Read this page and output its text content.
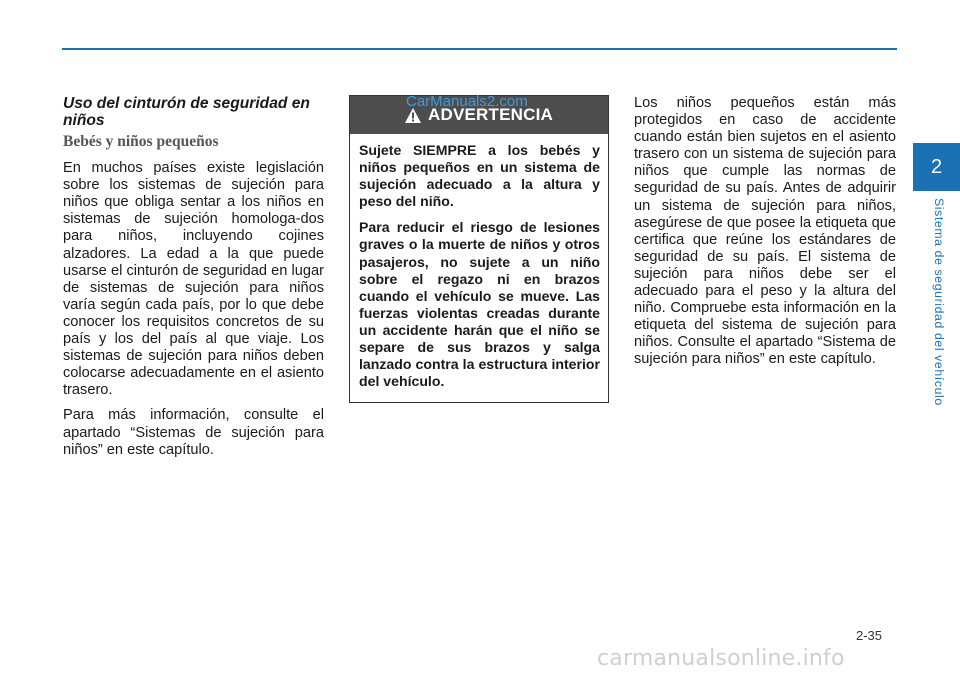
Uso del cinturón de seguridad en niños
Bebés y niños pequeños

En muchos países existe legislación sobre los sistemas de sujeción para niños que obliga sentar a los niños en sistemas de sujeción homologa-dos para niños, incluyendo cojines alzadores. La edad a la que puede usarse el cinturón de seguridad en lugar de sistemas de sujeción para niños varía según cada país, por lo que debe conocer los requisitos concretos de su país y los del país al que viaje. Los sistemas de sujeción para niños deben colocarse adecuadamente en el asiento trasero.

Para más información, consulte el apartado “Sistemas de sujeción para niños” en este capítulo.

CarManuals2.com
ADVERTENCIA

Sujete SIEMPRE a los bebés y niños pequeños en un sistema de sujeción adecuado a la altura y peso del niño.

Para reducir el riesgo de lesiones graves o la muerte de niños y otros pasajeros, no sujete a un niño sobre el regazo ni en brazos cuando el vehículo se mueve. Las fuerzas violentas creadas durante un accidente harán que el niño se separe de sus brazos y salga lanzado contra la estructura interior del vehículo.

Los niños pequeños están más protegidos en caso de accidente cuando están bien sujetos en el asiento trasero con un sistema de sujeción para niños que cumple las normas de seguridad de su país. Antes de adquirir un sistema de sujeción para niños, asegúrese de que posee la etiqueta que certifica que reúne los estándares de seguridad de su país. El sistema de sujeción para niños debe ser el adecuado para el peso y la altura del niño. Compruebe esta información en la etiqueta del sistema de sujeción para niños. Consulte el apartado “Sistema de sujeción para niños” en este capítulo.

2
Sistema de seguridad del vehículo
2-35
carmanualsonline.info
